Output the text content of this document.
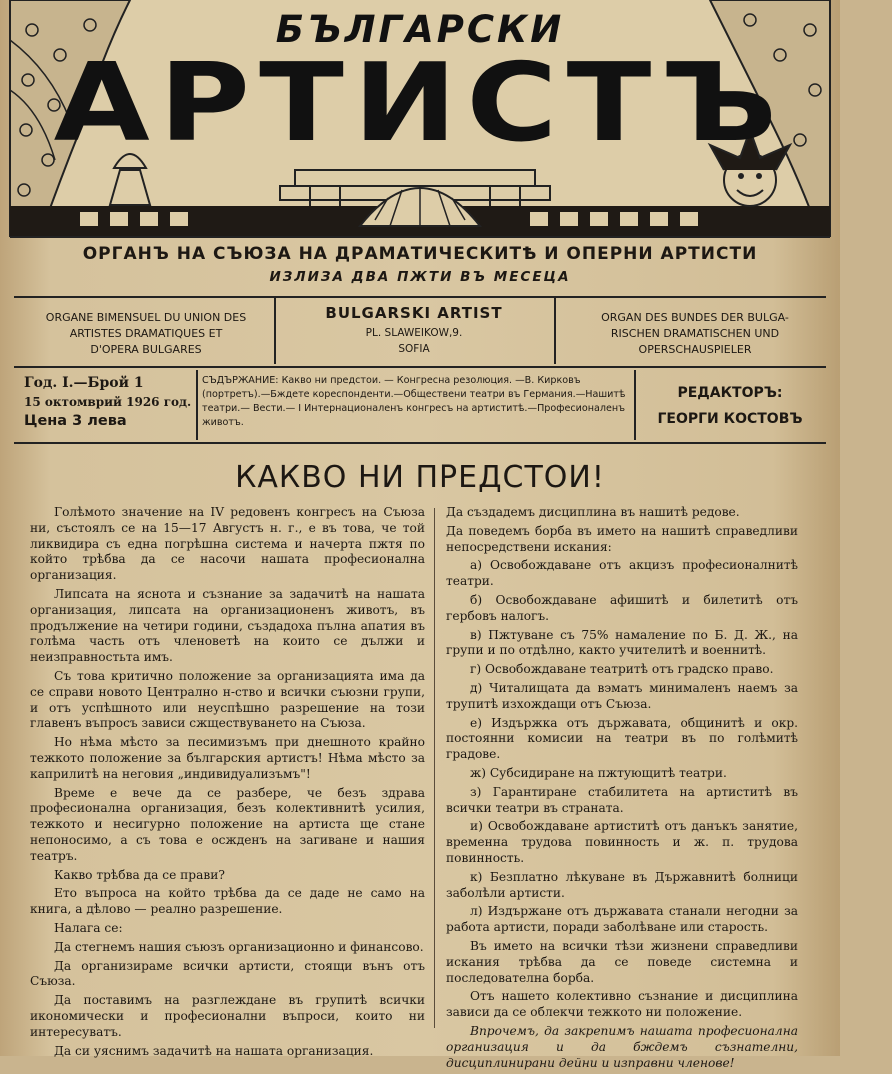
БЪЛГАРСКИ
АРТИСТЪ
ОРГАНЪ НА СЪЮЗА НА ДРАМАТИЧЕСКИТѢ И ОПЕРНИ АРТИСТИ
ИЗЛИЗА ДВА ПЖТИ ВЪ МЕСЕЦА
ORGANE BIMENSUEL DU UNION DES
ARTISTES DRAMATIQUES ET
D'OPERA BULGARES
BULGARSKI ARTIST
PL. SLAWEIKOW,9.
SOFIA
ORGAN DES BUNDES DER BULGA-
RISCHEN DRAMATISCHEN UND
OPERSCHAUSPIELER
Год. I.—Брой 1
15 октомврий 1926 год.
Цена 3 лева
СЪДЪРЖАНИЕ: Какво ни предстои. — Конгресна резолюция. —В. Кирковъ (портретъ).—Бждете кореспонденти.—Обществени театри въ Германия.—Нашитѣ театри.— Вести.— I Интернационаленъ конгресъ на артиститѣ.—Професионаленъ животъ.
РЕДАКТОРЪ:
ГЕОРГИ КОСТОВЪ
КАКВО НИ ПРЕДСТОИ!

Голѣмото значение на IV редовенъ конгресъ на Съюза ни, състоялъ се на 15—17 Августъ н. г., е въ това, че той ликвидира съ една погрѣшна система и начерта пжтя по който трѣбва да се насочи нашата професионална организация.

Липсата на яснота и съзнание за задачитѣ на нашата организация, липсата на организационенъ животъ, въ продължение на четири години, създадоха пълна апатия въ голѣма часть отъ членоветѣ на които се дължи и неизправностьта имъ.

Съ това критично положение за организацията има да се справи новото Централно н-ство и всички съюзни групи, и отъ успѣшното или неуспѣшно разрешение на този главенъ въпросъ зависи сжществуването на Съюза.

Но нѣма мѣсто за песимизъмъ при днешното крайно тежкото положение за българския артистъ! Нѣма мѣсто за каприлитѣ на неговия „индивидуализъмъ"!

Време е вече да се разбере, че безъ здрава професионална организация, безъ колективнитѣ усилия, тежкото и несигурно положение на артиста ще стане непоносимо, а съ това е осжденъ на загиване и нашия театръ.

Какво трѣбва да се прави?

Ето въпроса на който трѣбва да се даде не само на книга, а дѣлово — реално разрешение.

Налага се:

Да стегнемъ нашия съюзъ организационно и финансово.

Да организираме всички артисти, стоящи вънъ отъ Съюза.

Да поставимъ на разглеждане въ групитѣ всички икономически и професионални въпроси, които ни интересуватъ.

Да си уяснимъ задачитѣ на нашата организация.

Да създадемъ дисциплина въ нашитѣ редове.

Да поведемъ борба въ името на нашитѣ справедливи непосредствени искания:

а) Освобождаване отъ акцизъ професионалнитѣ театри.

б) Освобождаване афишитѣ и билетитѣ отъ гербовъ налогъ.

в) Пжтуване съ 75% намаление по Б. Д. Ж., на групи и по отдѣлно, както учителитѣ и военнитѣ.

г) Освобождаване театритѣ отъ градско право.

д) Читалищата да вэматъ минималенъ наемъ за трупитѣ изхождащи отъ Съюза.

е) Издържка отъ държавата, общинитѣ и окр. постоянни комисии на театри въ по голѣмитѣ градове.

ж) Субсидиране на пжтующитѣ театри.

з) Гарантиране стабилитета на артиститѣ въ всички театри въ страната.

и) Освобождаване артиститѣ отъ данъкъ занятие, временна трудова повинность и ж. п. трудова повинность.

к) Безплатно лѣкуване въ Държавнитѣ болници заболѣли артисти.

л) Издържане отъ държавата станали негодни за работа артисти, поради заболѣване или старость.

Въ името на всички тѣзи жизнени справедливи искания трѣбва да се поведе системна и последователна борба.

Отъ нашето колективно съзнание и дисциплина зависи да се облекчи тежкото ни положение.

Впрочемъ, да закрепимъ нашата професионална организация и да бждемъ съзнателни, дисциплинирани дейни и изправни членове!
